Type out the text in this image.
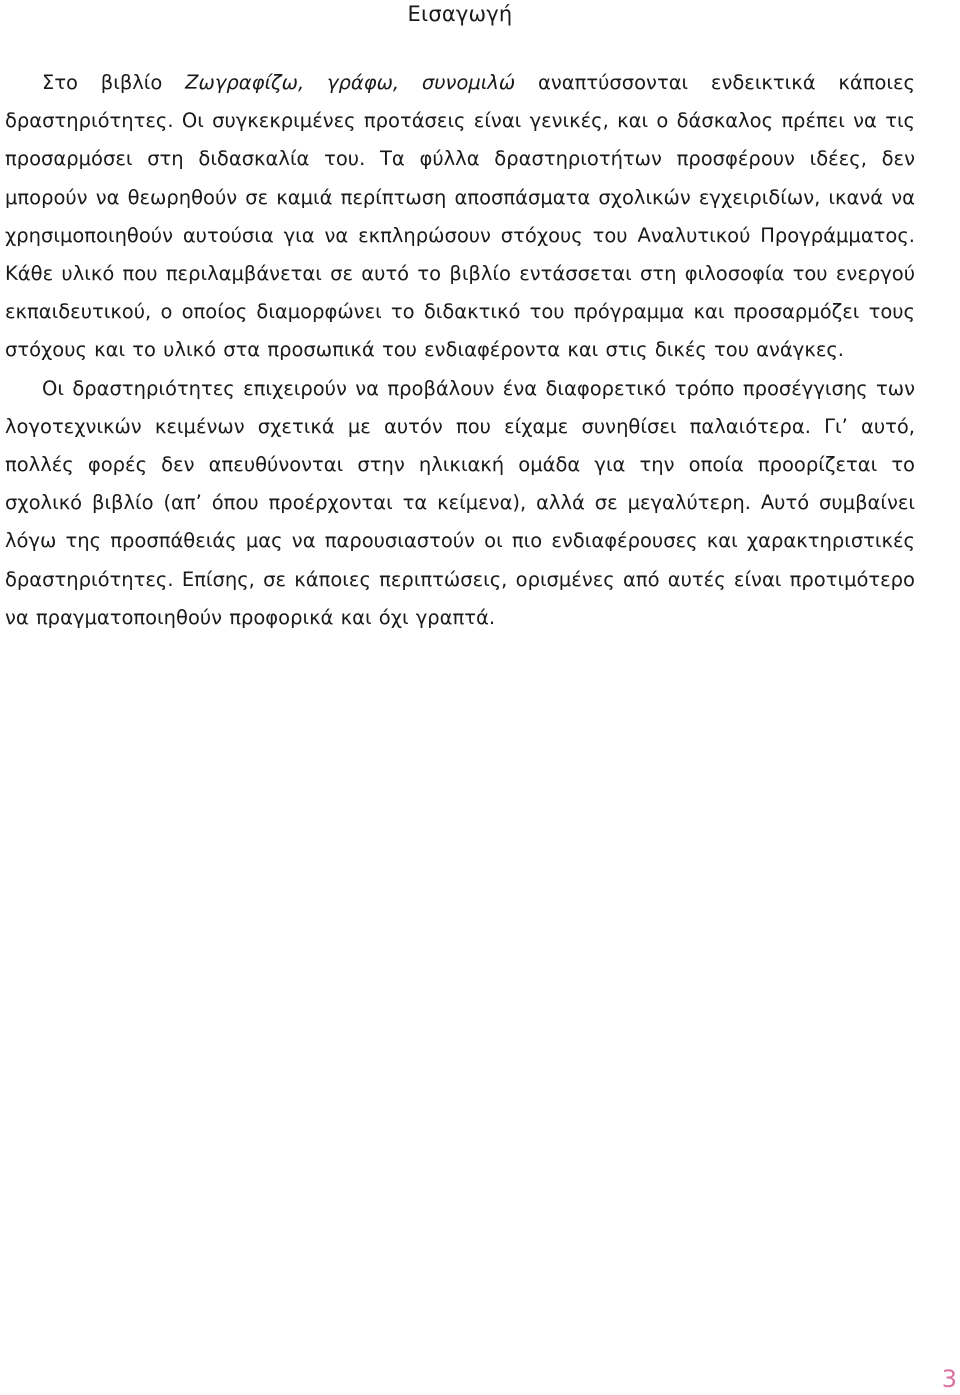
Εισαγωγή

Στο βιβλίο Ζωγραφίζω, γράφω, συνομιλώ αναπτύσσονται ενδεικτικά κάποιες δραστηριότητες. Οι συγκεκριμένες προτάσεις είναι γενικές, και ο δάσκαλος πρέπει να τις προσαρμόσει στη διδασκαλία του. Τα φύλλα δραστηριοτήτων προσφέρουν ιδέες, δεν μπορούν να θεωρηθούν σε καμιά περίπτωση αποσπάσματα σχολικών εγχειριδίων, ικανά να χρησιμοποιηθούν αυτούσια για να εκπληρώσουν στόχους του Αναλυτικού Προγράμματος. Κάθε υλικό που περιλαμβάνεται σε αυτό το βιβλίο εντάσσεται στη φιλοσοφία του ενεργού εκπαιδευτικού, ο οποίος διαμορφώνει το διδακτικό του πρόγραμμα και προσαρμόζει τους στόχους και το υλικό στα προσωπικά του ενδιαφέροντα και στις δικές του ανάγκες.

Οι δραστηριότητες επιχειρούν να προβάλουν ένα διαφορετικό τρόπο προσέγγισης των λογοτεχνικών κειμένων σχετικά με αυτόν που είχαμε συνηθίσει παλαιότερα. Γι’ αυτό, πολλές φορές δεν απευθύνονται στην ηλικιακή ομάδα για την οποία προορίζεται το σχολικό βιβλίο (απ’ όπου προέρχονται τα κείμενα), αλλά σε μεγαλύτερη. Αυτό συμβαίνει λόγω της προσπάθειάς μας να παρουσιαστούν οι πιο ενδιαφέρουσες και χαρακτηριστικές δραστηριότητες. Επίσης, σε κάποιες περιπτώσεις, ορισμένες από αυτές είναι προτιμότερο να πραγματοποιηθούν προφορικά και όχι γραπτά.

3
